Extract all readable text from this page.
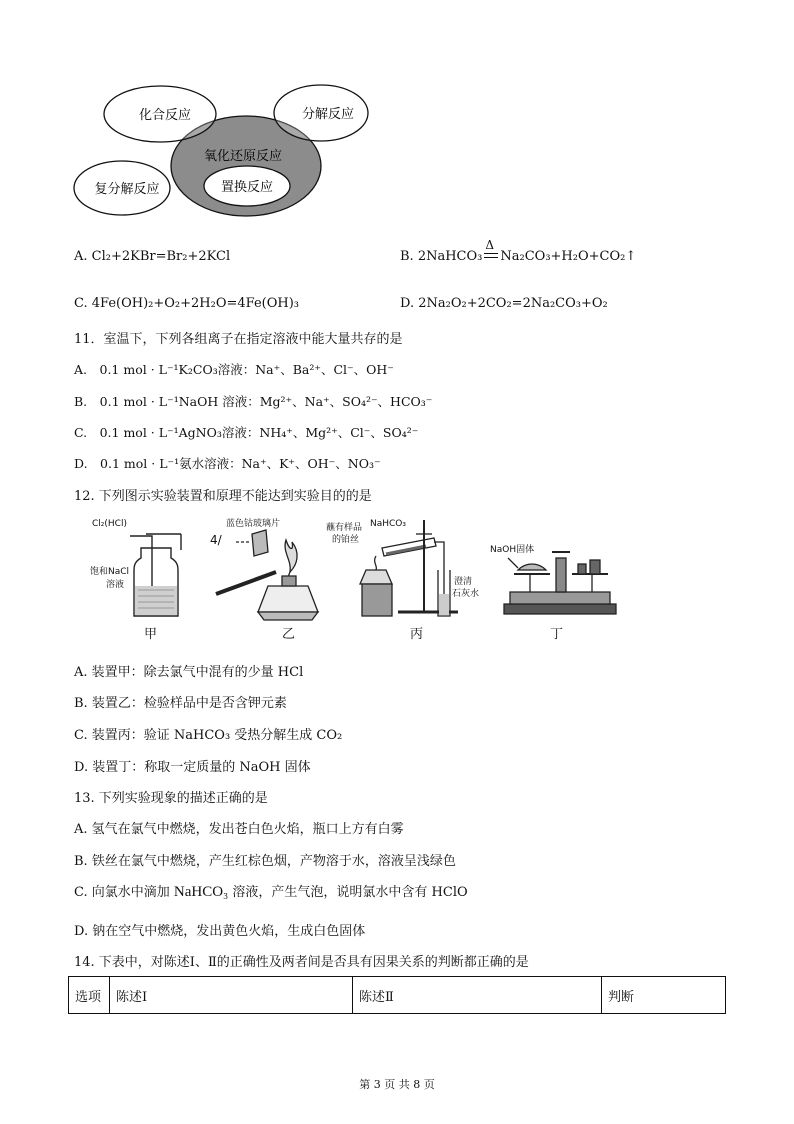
化合反应	分解反应
氧化还原反应
置换反应
复分解反应
A. Cl₂+2KBr=Br₂+2KCl	B. 2NaHCO₃
Δ
Na₂CO₃+H₂O+CO₂↑
C. 4Fe(OH)₂+O₂+2H₂O=4Fe(OH)₃	D. 2Na₂O₂+2CO₂=2Na₂CO₃+O₂
11．室温下，下列各组离子在指定溶液中能大量共存的是
A.　0.1 mol · L⁻¹K₂CO₃溶液：Na⁺、Ba²⁺、Cl⁻、OH⁻
B.　0.1 mol · L⁻¹NaOH 溶液：Mg²⁺、Na⁺、SO₄²⁻、HCO₃⁻
C.　0.1 mol · L⁻¹AgNO₃溶液：NH₄⁺、Mg²⁺、Cl⁻、SO₄²⁻
D.　0.1 mol · L⁻¹氨水溶液：Na⁺、K⁺、OH⁻、NO₃⁻
12. 下列图示实验装置和原理不能达到实验目的的是
Cl₂(HCl)
饱和NaCl
溶液
甲
蓝色钴玻璃片	蘸有样品
的铂丝
4/
乙
NaHCO₃
澄清
石灰水
丙
NaOH固体
丁
A. 装置甲：除去氯气中混有的少量 HCl
B. 装置乙：检验样品中是否含钾元素
C. 装置丙：验证 NaHCO₃ 受热分解生成 CO₂
D. 装置丁：称取一定质量的 NaOH 固体
13. 下列实验现象的描述正确的是
A. 氢气在氯气中燃烧，发出苍白色火焰，瓶口上方有白雾
B. 铁丝在氯气中燃烧，产生红棕色烟，产物溶于水，溶液呈浅绿色
C. 向氯水中滴加 NaHCO₃ 溶液，产生气泡，说明氯水中含有 HClO
D. 钠在空气中燃烧，发出黄色火焰，生成白色固体
14. 下表中，对陈述Ⅰ、Ⅱ的正确性及两者间是否具有因果关系的判断都正确的是
选项	陈述Ⅰ	陈述Ⅱ	判断
第 3 页 共 8 页
